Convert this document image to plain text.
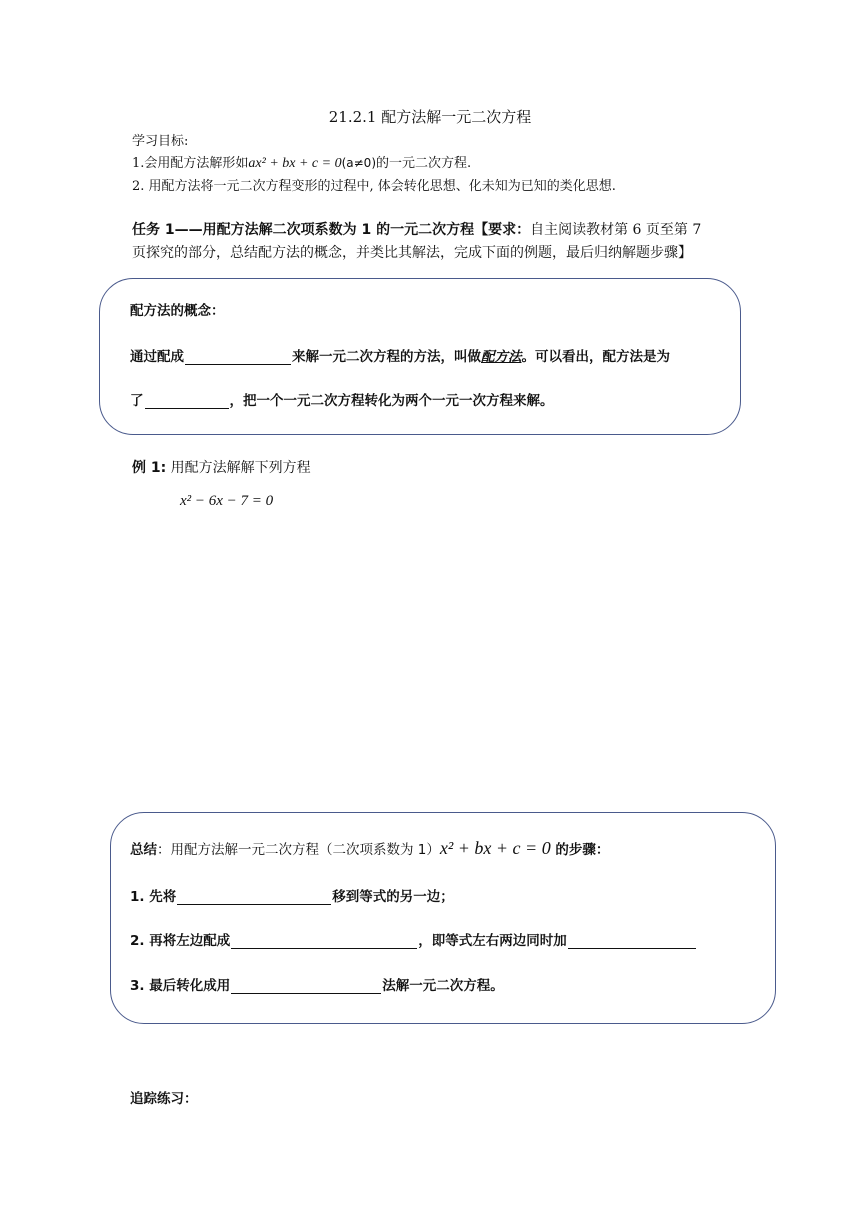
21.2.1 配方法解一元二次方程
学习目标:
1.会用配方法解形如ax² + bx + c = 0(a≠0)的一元二次方程.
2. 用配方法将一元二次方程变形的过程中, 体会转化思想、化未知为已知的类化思想.
任务 1——用配方法解二次项系数为 1 的一元二次方程【要求：自主阅读教材第 6 页至第 7
页探究的部分，总结配方法的概念，并类比其解法，完成下面的例题，最后归纳解题步骤】
配方法的概念：
通过配成	来解一元二次方程的方法，叫做配方法。可以看出，配方法是为
了	，把一个一元二次方程转化为两个一元一次方程来解。
例 1: 用配方法解解下列方程
x² − 6x − 7 = 0
总结：用配方法解一元二次方程（二次项系数为 1）x² + bx + c = 0 的步骤：
1. 先将	移到等式的另一边；
2. 再将左边配成	，即等式左右两边同时加
3. 最后转化成用	法解一元二次方程。
追踪练习：
